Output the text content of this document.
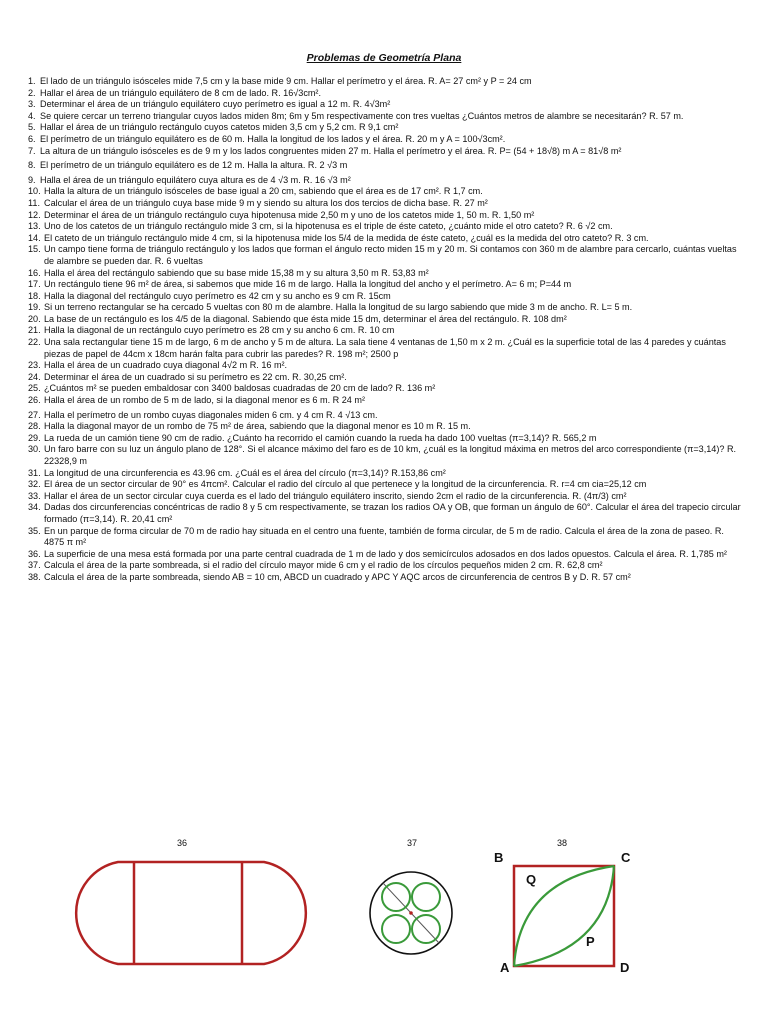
Problemas de Geometría Plana
1. El lado de un triángulo isósceles mide 7,5 cm y la base mide 9 cm. Hallar el perímetro y el área. R. A= 27 cm² y P = 24 cm
2. Hallar el área de un triángulo equilátero de 8 cm de lado. R. 16√3cm².
3. Determinar el área de un triángulo equilátero cuyo perímetro es igual a 12 m. R. 4√3m²
4. Se quiere cercar un terreno triangular cuyos lados miden 8m; 6m y 5m respectivamente con tres vueltas ¿Cuántos metros de alambre se necesitarán? R. 57 m.
5. Hallar el área de un triángulo rectángulo cuyos catetos miden 3,5 cm y 5,2 cm. R 9,1 cm²
6. El perímetro de un triángulo equilátero es de 60 m. Halla la longitud de los lados y el área. R. 20 m y A = 100√3cm².
7. La altura de un triángulo isósceles es de 9 m y los lados congruentes miden 27 m. Halla el perímetro y el área. R. P= (54 + 18√8) m A = 81√8 m²
8. El perímetro de un triángulo equilátero es de 12 m. Halla la altura. R. 2 √3 m
9. Halla el área de un triángulo equilátero cuya altura es de 4 √3 m. R. 16 √3 m²
10. Halla la altura de un triángulo isósceles de base igual a 20 cm, sabiendo que el área es de 17 cm². R 1,7 cm.
11. Calcular el área de un triángulo cuya base mide 9 m y siendo su altura los dos tercios de dicha base. R. 27 m²
12. Determinar el área de un triángulo rectángulo cuya hipotenusa mide 2,50 m y uno de los catetos mide 1, 50 m. R. 1,50 m²
13. Uno de los catetos de un triángulo rectángulo mide 3 cm, si la hipotenusa es el triple de éste cateto, ¿cuánto mide el otro cateto? R. 6 √2 cm.
14. El cateto de un triángulo rectángulo mide 4 cm, si la hipotenusa mide los 5/4 de la medida de éste cateto, ¿cuál es la medida del otro cateto? R. 3 cm.
15. Un campo tiene forma de triángulo rectángulo y los lados que forman el ángulo recto miden 15 m y 20 m. Si contamos con 360 m de alambre para cercarlo, cuántas vueltas de alambre se pueden dar. R. 6 vueltas
16. Halla el área del rectángulo sabiendo que su base mide 15,38 m y su altura 3,50 m R. 53,83 m²
17. Un rectángulo tiene 96 m² de área, si sabemos que mide 16 m de largo. Halla la longitud del ancho y el perímetro. A= 6 m; P=44 m
18. Halla la diagonal del rectángulo cuyo perímetro es 42 cm y su ancho es 9 cm R. 15cm
19. Si un terreno rectangular se ha cercado 5 vueltas con 80 m de alambre. Halla la longitud de su largo sabiendo que mide 3 m de ancho. R. L= 5 m.
20. La base de un rectángulo es los 4/5 de la diagonal. Sabiendo que ésta mide 15 dm, determinar el área del rectángulo. R. 108 dm²
21. Halla la diagonal de un rectángulo cuyo perímetro es 28 cm y su ancho 6 cm. R. 10 cm
22. Una sala rectangular tiene 15 m de largo, 6 m de ancho y 5 m de altura. La sala tiene 4 ventanas de 1,50 m x 2 m. ¿Cuál es la superficie total de las 4 paredes y cuántas piezas de papel de 44cm x 18cm harán falta para cubrir las paredes? R. 198 m²; 2500 p
23. Halla el área de un cuadrado cuya diagonal 4√2 m R. 16 m².
24. Determinar el área de un cuadrado si su perímetro es 22 cm. R. 30,25 cm².
25. ¿Cuántos m² se pueden embaldosar con 3400 baldosas cuadradas de 20 cm de lado? R. 136 m²
26. Halla el área de un rombo de 5 m de lado, si la diagonal menor es 6 m. R 24 m²
27. Halla el perímetro de un rombo cuyas diagonales miden 6 cm. y 4 cm R. 4 √13 cm.
28. Halla la diagonal mayor de un rombo de 75 m² de área, sabiendo que la diagonal menor es 10 m R. 15 m.
29. La rueda de un camión tiene 90 cm de radio. ¿Cuánto ha recorrido el camión cuando la rueda ha dado 100 vueltas (π=3,14)? R. 565,2 m
30. Un faro barre con su luz un ángulo plano de 128°. Si el alcance máximo del faro es de 10 km, ¿cuál es la longitud máxima en metros del arco correspondiente (π=3,14)? R. 22328,9 m
31. La longitud de una circunferencia es 43.96 cm. ¿Cuál es el área del círculo (π=3,14)? R.153,86 cm²
32. El área de un sector circular de 90° es 4πcm². Calcular el radio del círculo al que pertenece y la longitud de la circunferencia. R. r=4 cm cia=25,12 cm
33. Hallar el área de un sector circular cuya cuerda es el lado del triángulo equilátero inscrito, siendo 2cm el radio de la circunferencia. R. (4π/3) cm²
34. Dadas dos circunferencias concéntricas de radio 8 y 5 cm respectivamente, se trazan los radios OA y OB, que forman un ángulo de 60°. Calcular el área del trapecio circular formado (π=3,14). R. 20,41 cm²
35. En un parque de forma circular de 70 m de radio hay situada en el centro una fuente, también de forma circular, de 5 m de radio. Calcula el área de la zona de paseo. R. 4875 π m²
36. La superficie de una mesa está formada por una parte central cuadrada de 1 m de lado y dos semicírculos adosados en dos lados opuestos. Calcula el área. R. 1,785 m²
37. Calcula el área de la parte sombreada, si el radio del círculo mayor mide 6 cm y el radio de los círculos pequeños miden 2 cm. R. 62,8 cm²
38. Calcula el área de la parte sombreada, siendo AB = 10 cm, ABCD un cuadrado y APC Y AQC arcos de circunferencia de centros B y D. R. 57 cm²
36	37	38
B	C
A	D
Q
P
